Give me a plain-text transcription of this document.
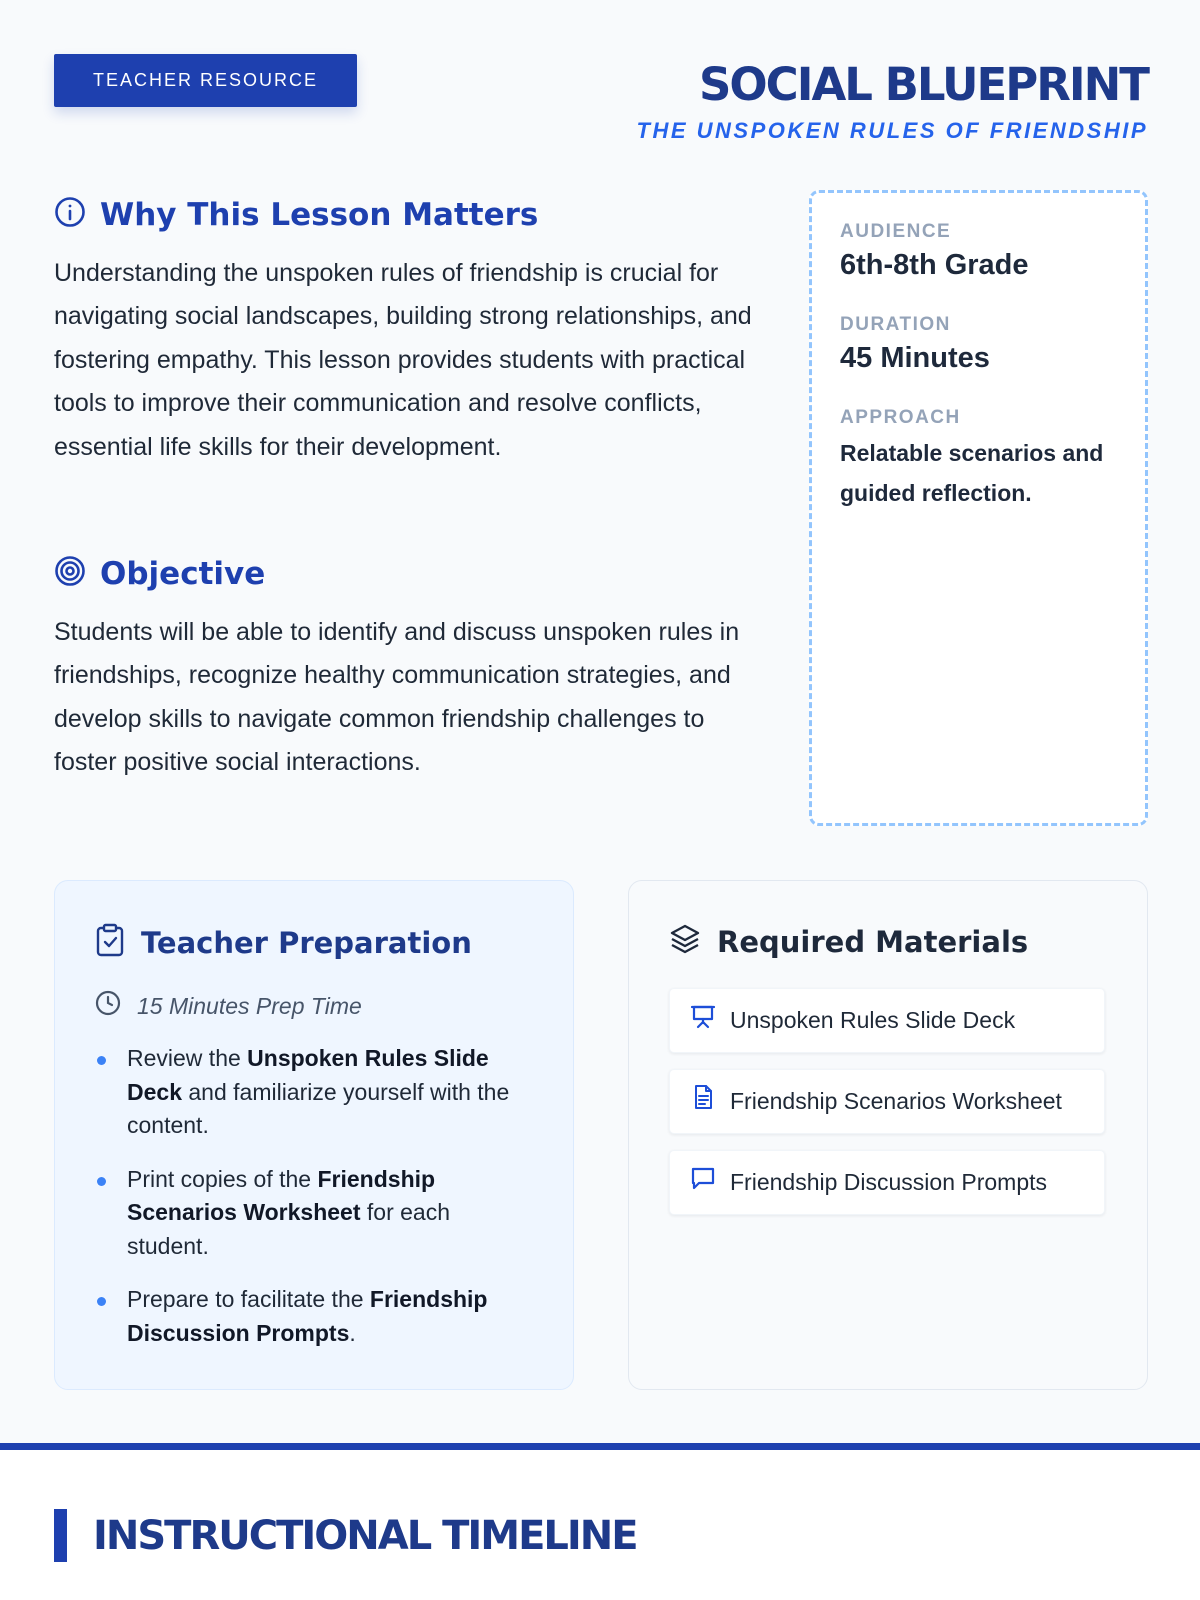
TEACHER RESOURCE	SOCIAL BLUEPRINT
THE UNSPOKEN RULES OF FRIENDSHIP
Why This Lesson Matters
Understanding the unspoken rules of friendship is crucial for navigating social landscapes, building strong relationships, and fostering empathy. This lesson provides students with practical tools to improve their communication and resolve conflicts, essential life skills for their development.
Objective
Students will be able to identify and discuss unspoken rules in friendships, recognize healthy communication strategies, and develop skills to navigate common friendship challenges to foster positive social interactions.
AUDIENCE
6th-8th Grade
DURATION
45 Minutes
APPROACH
Relatable scenarios and guided reflection.
Teacher Preparation
15 Minutes Prep Time
Review the Unspoken Rules Slide Deck and familiarize yourself with the content.
Print copies of the Friendship Scenarios Worksheet for each student.
Prepare to facilitate the Friendship Discussion Prompts.
Required Materials
Unspoken Rules Slide Deck
Friendship Scenarios Worksheet
Friendship Discussion Prompts
INSTRUCTIONAL TIMELINE
